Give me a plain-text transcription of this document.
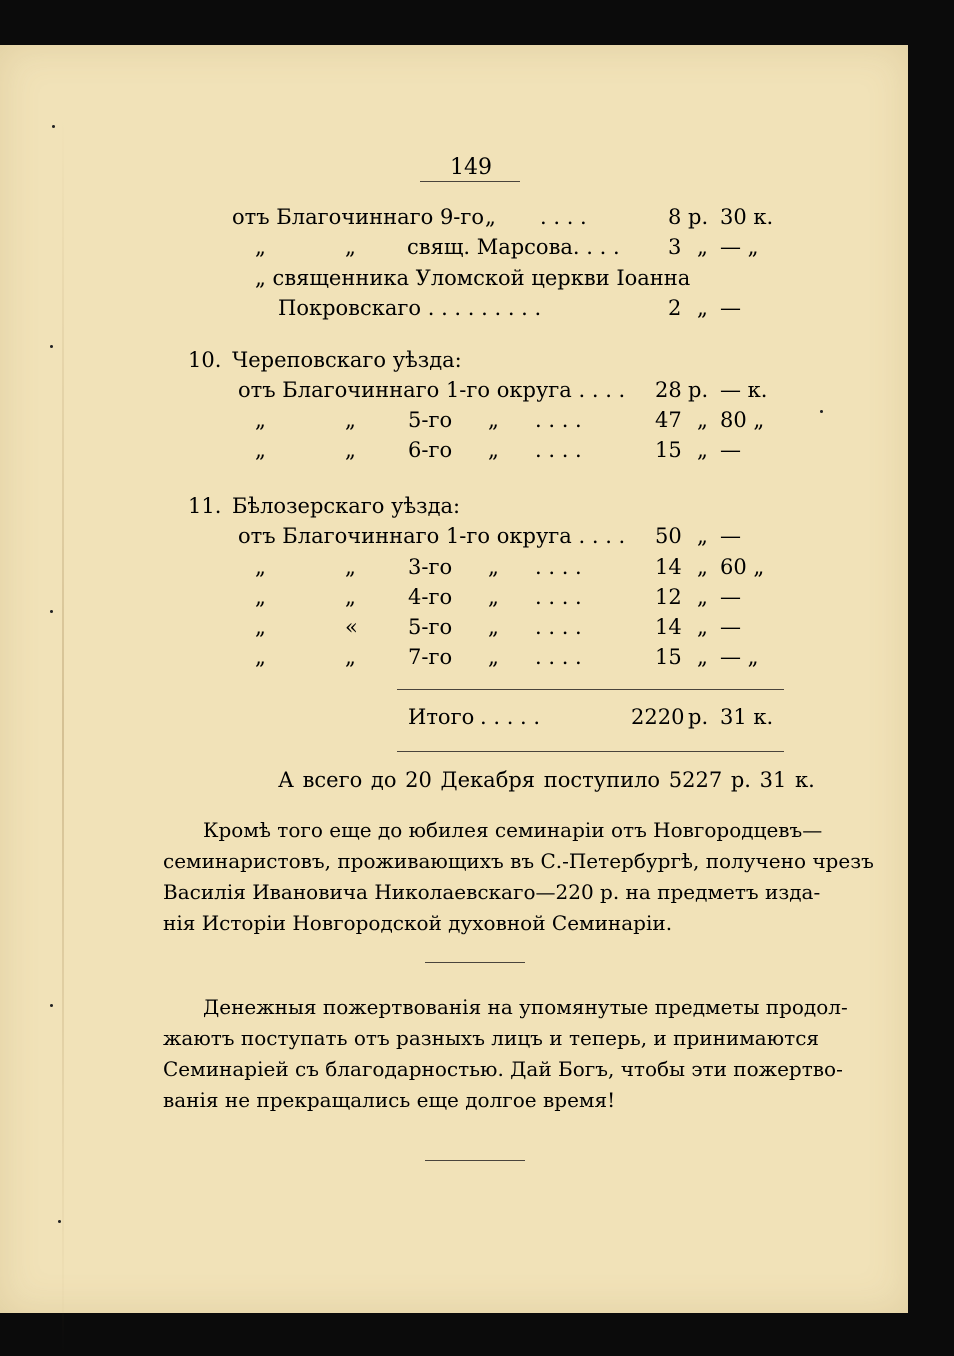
149
отъ Благочиннаго 9-го „ . . . .	8 р. 30 к.
„	„ свящ. Марсова. . . . 3 „ — „
„ священника Уломской церкви Іоанна
Покровскаго . . . . . . . . .	2 „ —
10. Череповскаго уѣзда:
отъ Благочиннаго 1-го округа . . . . 28 р. — к.
„	„ 5-го „ . . . .	47 „ 80 „
„	„ 6-го „ . . . .	15 „ —
11. Бѣлозерскаго уѣзда:
отъ Благочиннаго 1-го округа . . . . 50 „ —
„	„ 3-го „ . . . .	14 „ 60 „
„	„ 4-го „ . . . .	12 „ —
„	« 5-го „ . . . .	14 „ —
„	„ 7-го „ . . . .	15 „ — „
Итого . . . . .	2220 р. 31 к.
А всего до 20 Декабря поступило 5227 р. 31 к.
Кромѣ того еще до юбилея семинаріи отъ Новгородцевъ—
семинаристовъ, проживающихъ въ С.-Петербургѣ, получено чрезъ
Василія Ивановича Николаевскаго—220 р. на предметъ изда-
нія Исторіи Новгородской духовной Семинаріи.
Денежныя пожертвованія на упомянутые предметы продол-
жаютъ поступать отъ разныхъ лицъ и теперь, и принимаются
Семинаріей съ благодарностью. Дай Богъ, чтобы эти пожертво-
ванія не прекращались еще долгое время!
